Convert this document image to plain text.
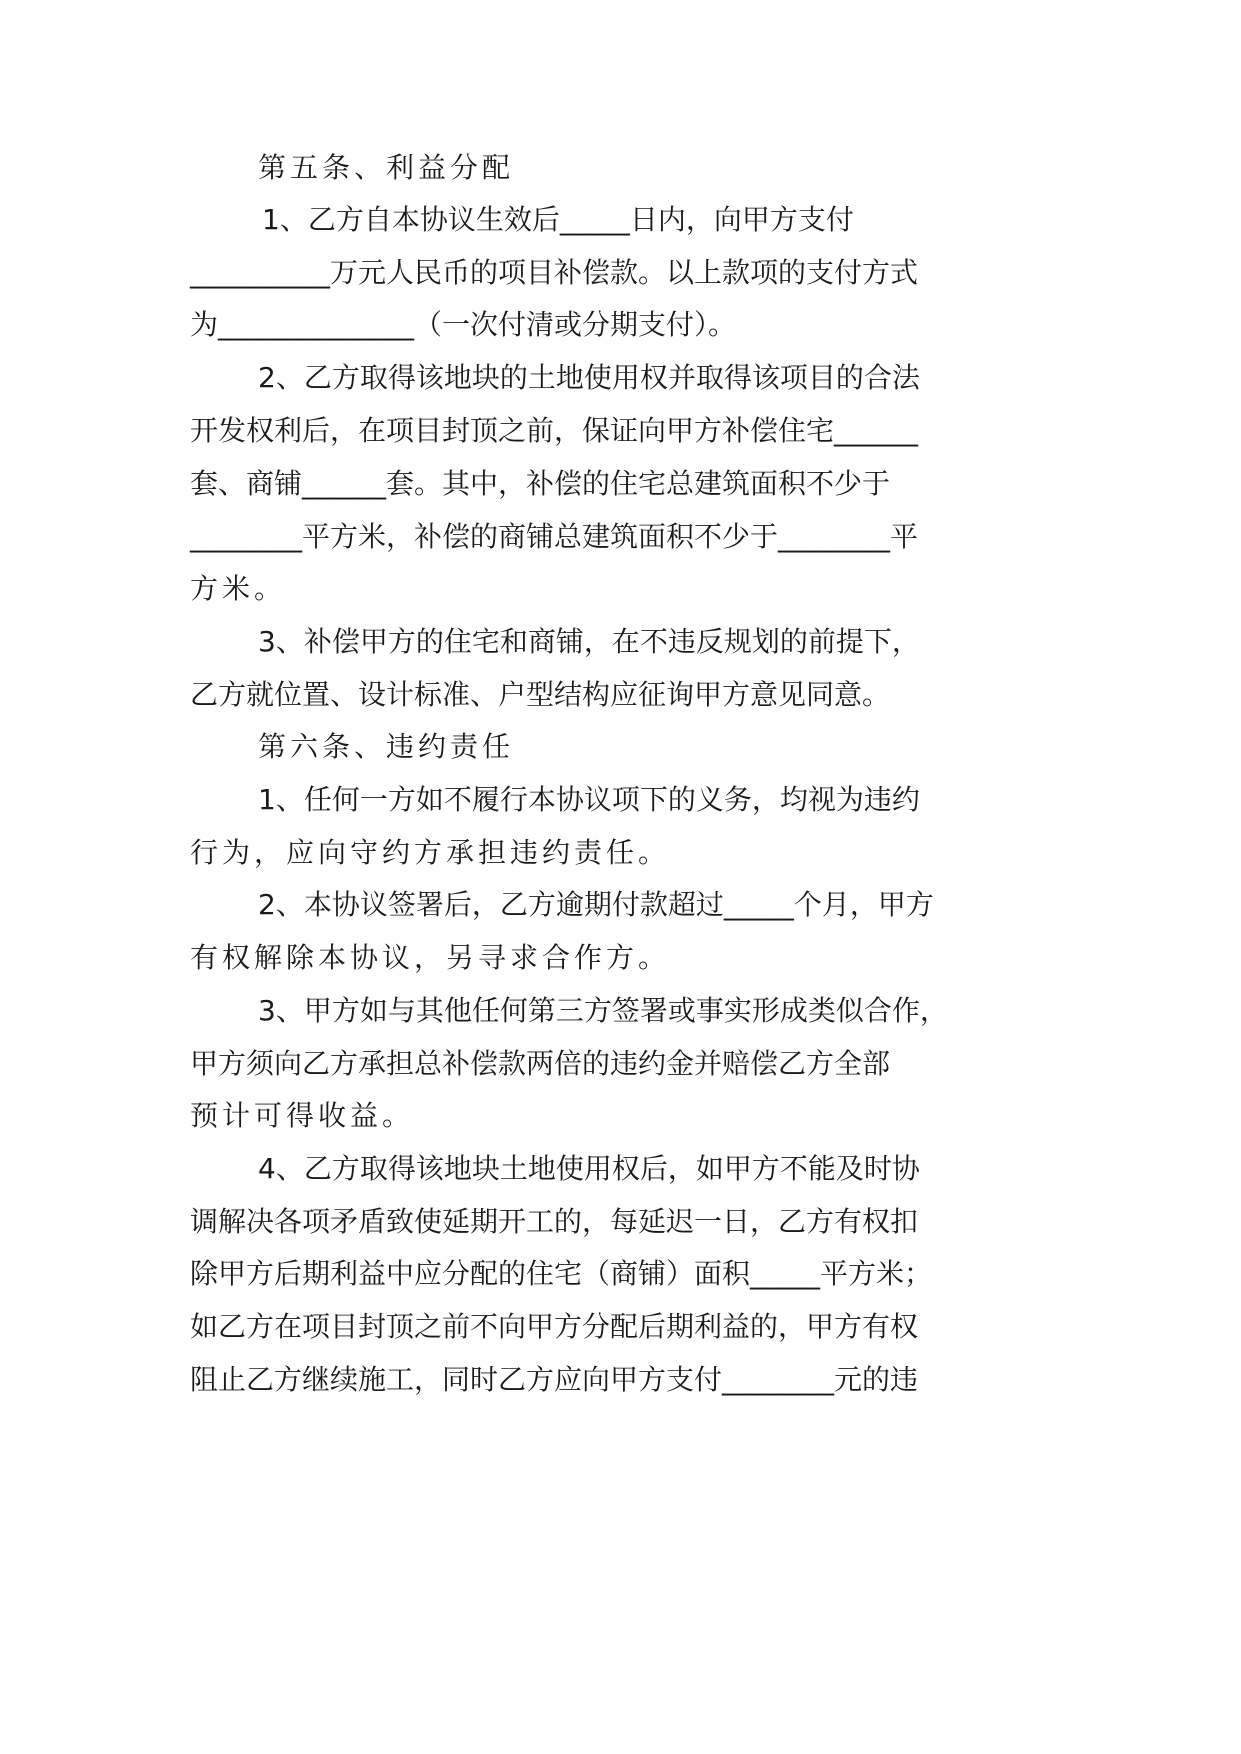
第五条、利益分配
1、乙方自本协议生效后_____日内，向甲方支付
__________万元人民币的项目补偿款。以上款项的支付方式
为______________（一次付清或分期支付）。
2、乙方取得该地块的土地使用权并取得该项目的合法
开发权利后，在项目封顶之前，保证向甲方补偿住宅______
套、商铺______套。其中，补偿的住宅总建筑面积不少于
________平方米，补偿的商铺总建筑面积不少于________平
方米。
3、补偿甲方的住宅和商铺，在不违反规划的前提下，
乙方就位置、设计标准、户型结构应征询甲方意见同意。
第六条、违约责任
1、任何一方如不履行本协议项下的义务，均视为违约
行为，应向守约方承担违约责任。
2、本协议签署后，乙方逾期付款超过_____个月，甲方
有权解除本协议，另寻求合作方。
3、甲方如与其他任何第三方签署或事实形成类似合作，
甲方须向乙方承担总补偿款两倍的违约金并赔偿乙方全部
预计可得收益。
4、乙方取得该地块土地使用权后，如甲方不能及时协
调解决各项矛盾致使延期开工的，每延迟一日，乙方有权扣
除甲方后期利益中应分配的住宅（商铺）面积_____平方米；
如乙方在项目封顶之前不向甲方分配后期利益的，甲方有权
阻止乙方继续施工，同时乙方应向甲方支付________元的违
